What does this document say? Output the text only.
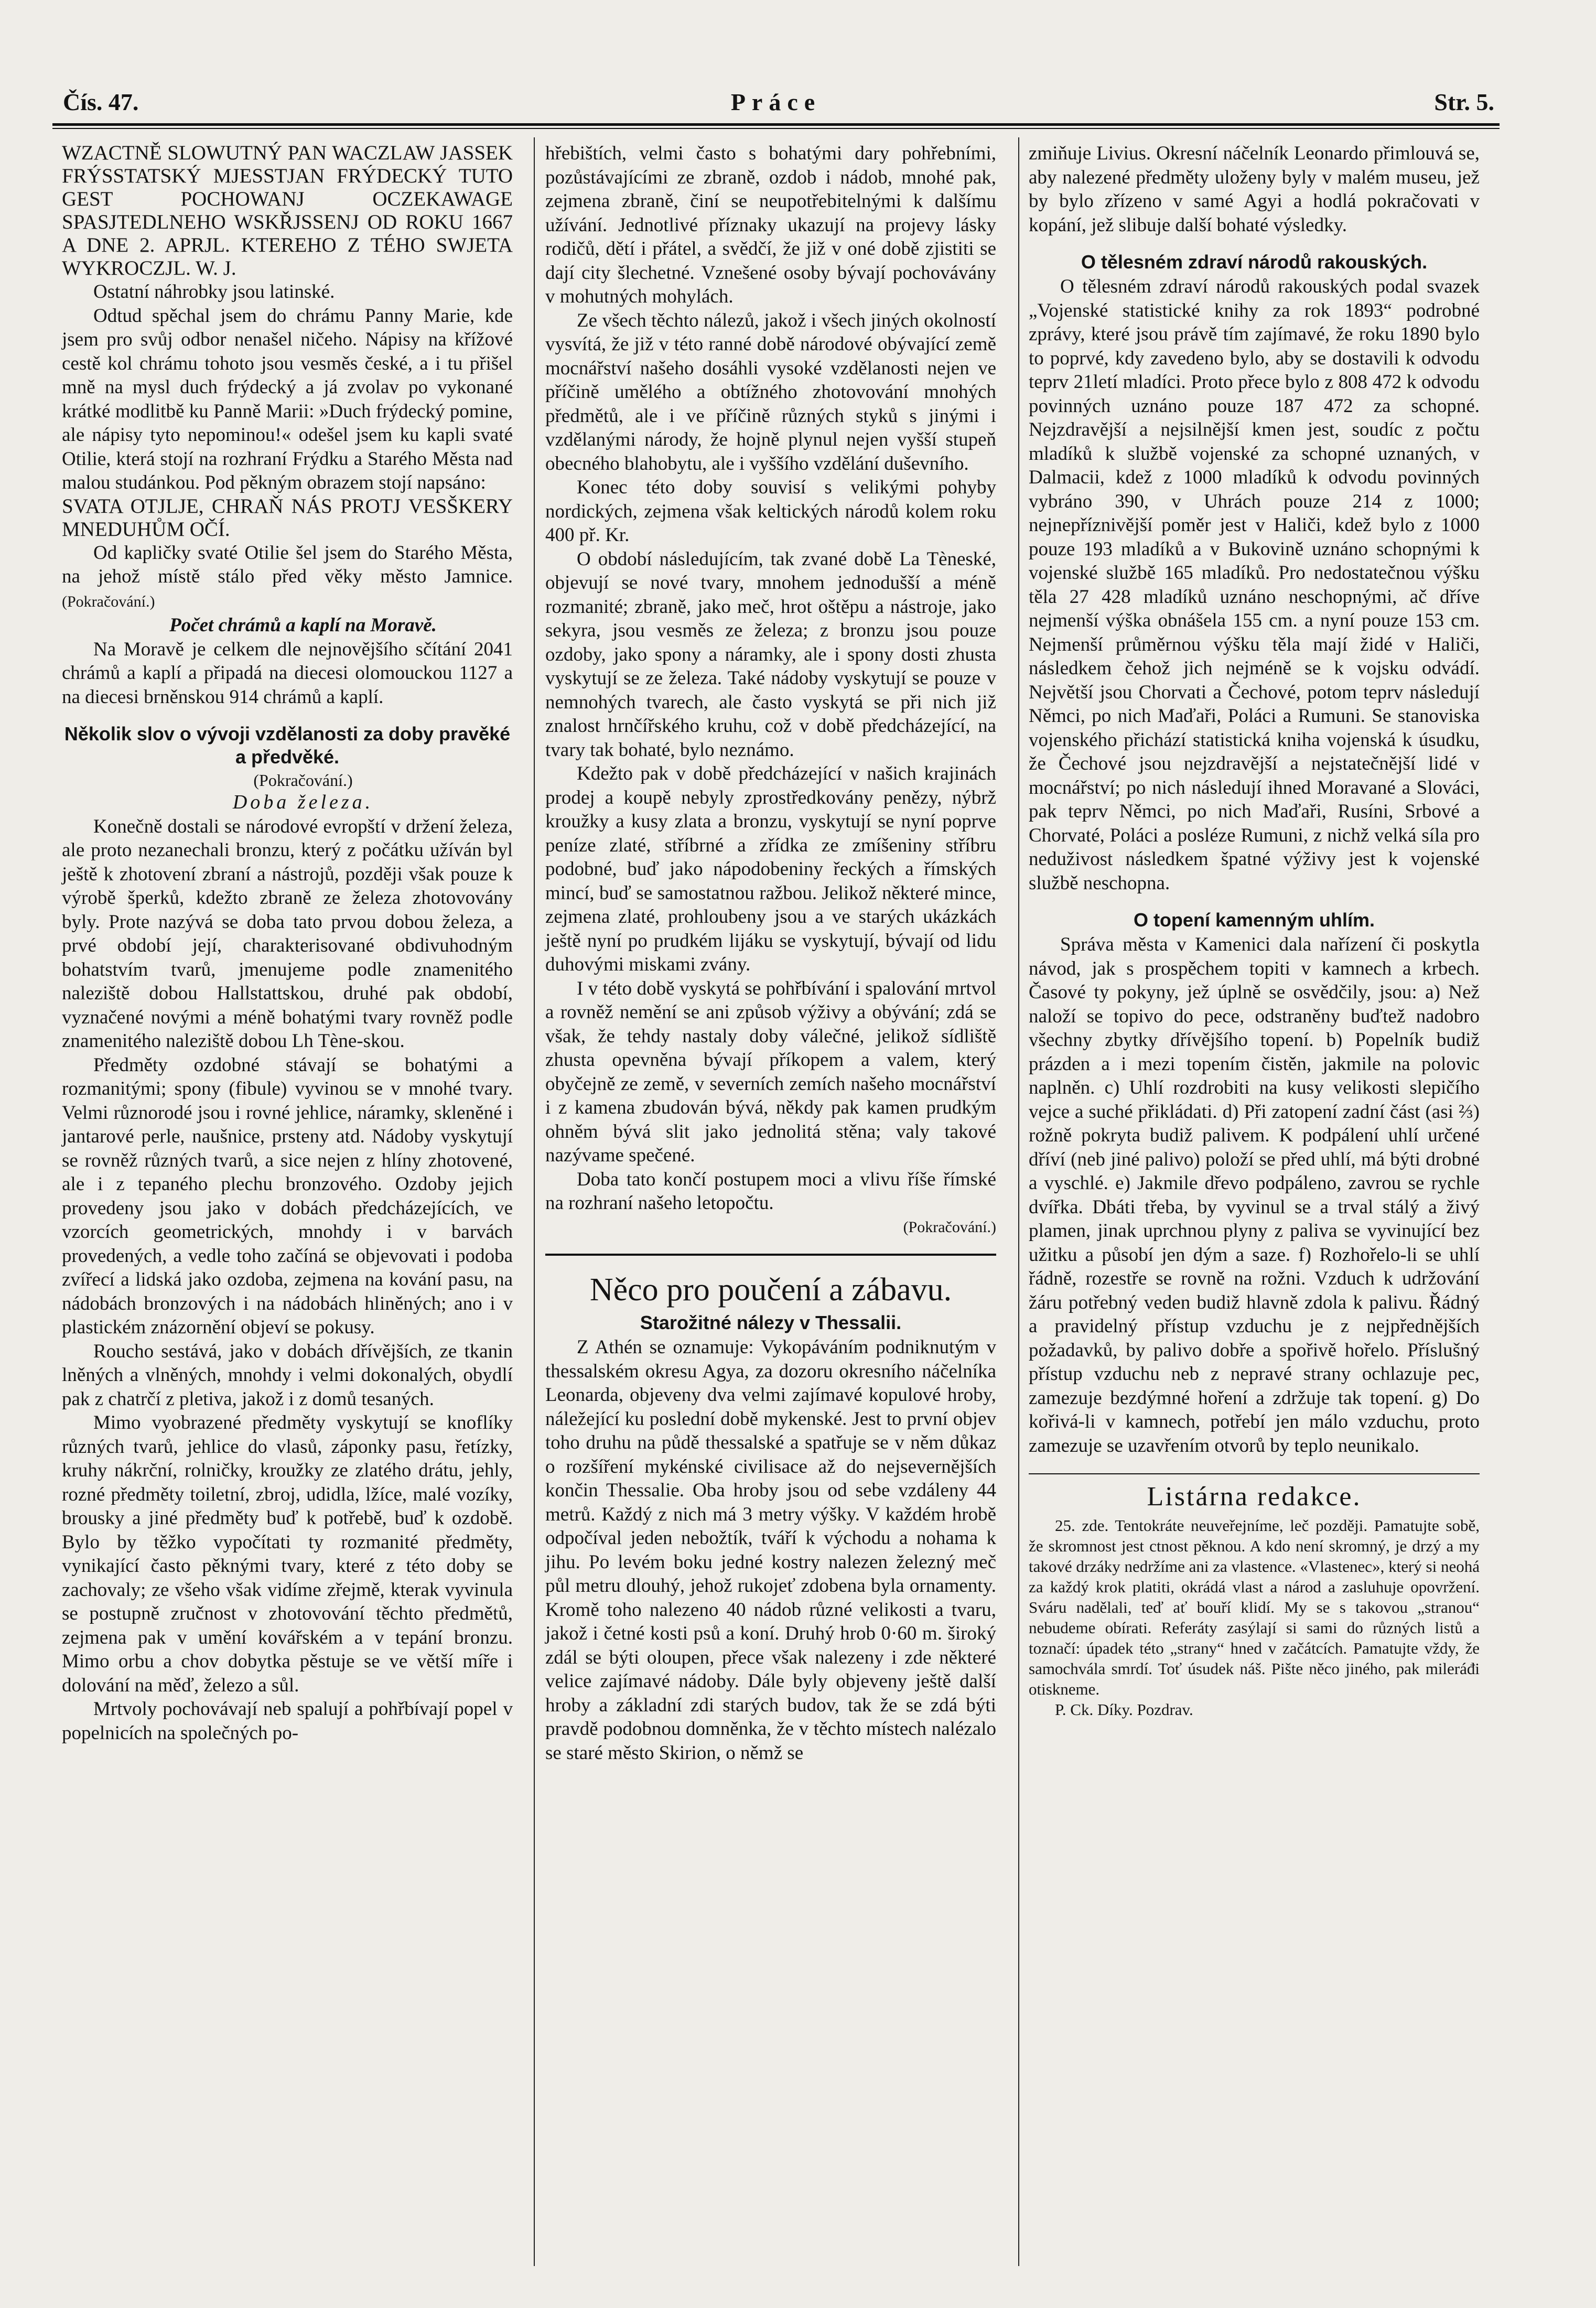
Čís. 47.	Práce	Str. 5.

WZACTNĚ SLOWUTNÝ PAN WACZLAW JASSEK FRÝSSTATSKÝ MJESSTJAN FRÝDECKÝ TUTO GEST POCHOWANJ OCZEKAWAGE SPASJTEDLNEHO WSKŘJSSENJ OD ROKU 1667 A DNE 2. APRJL. KTEREHO Z TÉHO SWJETA WYKROCZJL. W. J.

Ostatní náhrobky jsou latinské.

Odtud spěchal jsem do chrámu Panny Marie, kde jsem pro svůj odbor nenašel ničeho. Nápisy na křížové cestě kol chrámu tohoto jsou vesměs české, a i tu přišel mně na mysl duch frýdecký a já zvolav po vykonané krátké modlitbě ku Panně Marii: »Duch frýdecký pomine, ale nápisy tyto nepominou!« odešel jsem ku kapli svaté Otilie, která stojí na rozhraní Frýdku a Starého Města nad malou studánkou. Pod pěkným obrazem stojí napsáno:

SVATA OTJLJE, CHRAŇ NÁS PROTJ VESŠKERY MNEDUHŮM OČÍ.

Od kapličky svaté Otilie šel jsem do Starého Města, na jehož místě stálo před věky město Jamnice. (Pokračování.)

Počet chrámů a kaplí na Moravě.

Na Moravě je celkem dle nejnovějšího sčítání 2041 chrámů a kaplí a připadá na diecesi olomouckou 1127 a na diecesi brněnskou 914 chrámů a kaplí.

Několik slov o vývoji vzdělanosti za doby pravěké a předvěké.

(Pokračování.)

Doba železa.

Konečně dostali se národové evropští v držení železa, ale proto nezanechali bronzu, který z počátku užíván byl ještě k zhotovení zbraní a nástrojů, později však pouze k výrobě šperků, kdežto zbraně ze železa zhotovovány byly. Prote nazývá se doba tato prvou dobou železa, a prvé období její, charakterisované obdivuhodným bohatstvím tvarů, jmenujeme podle znamenitého naleziště dobou Hallstattskou, druhé pak období, vyznačené novými a méně bohatými tvary rovněž podle znamenitého naleziště dobou Lh Tène-skou.

Předměty ozdobné stávají se bohatými a rozmanitými; spony (fibule) vyvinou se v mnohé tvary. Velmi různorodé jsou i rovné jehlice, náramky, skleněné i jantarové perle, naušnice, prsteny atd. Nádoby vyskytují se rovněž různých tvarů, a sice nejen z hlíny zhotovené, ale i z tepaného plechu bronzového. Ozdoby jejich provedeny jsou jako v dobách předcházejících, ve vzorcích geometrických, mnohdy i v barvách provedených, a vedle toho začíná se objevovati i podoba zvířecí a lidská jako ozdoba, zejmena na kování pasu, na nádobách bronzových i na nádobách hliněných; ano i v plastickém znázornění objeví se pokusy.

Roucho sestává, jako v dobách dřívějších, ze tkanin lněných a vlněných, mnohdy i velmi dokonalých, obydlí pak z chatrčí z pletiva, jakož i z domů tesaných.

Mimo vyobrazené předměty vyskytují se knoflíky různých tvarů, jehlice do vlasů, záponky pasu, řetízky, kruhy nákrční, rolničky, kroužky ze zlatého drátu, jehly, rozné předměty toiletní, zbroj, udidla, lžíce, malé vozíky, brousky a jiné předměty buď k potřebě, buď k ozdobě. Bylo by těžko vypočítati ty rozmanité předměty, vynikající často pěknými tvary, které z této doby se zachovaly; ze všeho však vidíme zřejmě, kterak vyvinula se postupně zručnost v zhotovování těchto předmětů, zejmena pak v umění kovářském a v tepání bronzu. Mimo orbu a chov dobytka pěstuje se ve větší míře i dolování na měď, železo a sůl.

Mrtvoly pochovávají neb spalují a pohřbívají popel v popelnicích na společných po-

hřebištích, velmi často s bohatými dary pohřebními, pozůstávajícími ze zbraně, ozdob i nádob, mnohé pak, zejmena zbraně, činí se neupotřebitelnými k dalšímu užívání. Jednotlivé příznaky ukazují na projevy lásky rodičů, dětí i přátel, a svědčí, že již v oné době zjistiti se dají city šlechetné. Vznešené osoby bývají pochovávány v mohutných mohylách.

Ze všech těchto nálezů, jakož i všech jiných okolností vysvítá, že již v této ranné době národové obývající země mocnářství našeho dosáhli vysoké vzdělanosti nejen ve příčině umělého a obtížného zhotovování mnohých předmětů, ale i ve příčině různých styků s jinými i vzdělanými národy, že hojně plynul nejen vyšší stupeň obecného blahobytu, ale i vyššího vzdělání duševního.

Konec této doby souvisí s velikými pohyby nordických, zejmena však keltických národů kolem roku 400 př. Kr.

O období následujícím, tak zvané době La Tèneské, objevují se nové tvary, mnohem jednodušší a méně rozmanité; zbraně, jako meč, hrot oštěpu a nástroje, jako sekyra, jsou vesměs ze železa; z bronzu jsou pouze ozdoby, jako spony a náramky, ale i spony dosti zhusta vyskytují se ze železa. Také nádoby vyskytují se pouze v nemnohých tvarech, ale často vyskytá se při nich již znalost hrnčířského kruhu, což v době předcházející, na tvary tak bohaté, bylo neznámo.

Kdežto pak v době předcházející v našich krajinách prodej a koupě nebyly zprostředkovány penězy, nýbrž kroužky a kusy zlata a bronzu, vyskytují se nyní poprve peníze zlaté, stříbrné a zřídka ze zmíšeniny stříbru podobné, buď jako nápodobeniny řeckých a římských mincí, buď se samostatnou ražbou. Jelikož některé mince, zejmena zlaté, prohloubeny jsou a ve starých ukázkách ještě nyní po prudkém lijáku se vyskytují, bývají od lidu duhovými miskami zvány.

I v této době vyskytá se pohřbívání i spalování mrtvol a rovněž nemění se ani způsob výživy a obývání; zdá se však, že tehdy nastaly doby válečné, jelikož sídliště zhusta opevněna bývají příkopem a valem, který obyčejně ze země, v severních zemích našeho mocnářství i z kamena zbudován bývá, někdy pak kamen prudkým ohněm bývá slit jako jednolitá stěna; valy takové nazývame spečené.

Doba tato končí postupem moci a vlivu říše římské na rozhraní našeho letopočtu.

(Pokračování.)

Něco pro poučení a zábavu.
Starožitné nálezy v Thessalii.

Z Athén se oznamuje: Vykopáváním podniknutým v thessalském okresu Agya, za dozoru okresního náčelníka Leonarda, objeveny dva velmi zajímavé kopulové hroby, náležející ku poslední době mykenské. Jest to první objev toho druhu na půdě thessalské a spatřuje se v něm důkaz o rozšíření mykénské civilisace až do nejsevernějších končin Thessalie. Oba hroby jsou od sebe vzdáleny 44 metrů. Každý z nich má 3 metry výšky. V každém hrobě odpočíval jeden nebožtík, tváří k východu a nohama k jihu. Po levém boku jedné kostry nalezen železný meč půl metru dlouhý, jehož rukojeť zdobena byla ornamenty. Kromě toho nalezeno 40 nádob různé velikosti a tvaru, jakož i četné kosti psů a koní. Druhý hrob 0·60 m. široký zdál se býti oloupen, přece však nalezeny i zde některé velice zajímavé nádoby. Dále byly objeveny ještě další hroby a základní zdi starých budov, tak že se zdá býti pravdě podobnou domněnka, že v těchto místech nalézalo se staré město Skirion, o němž se

zmiňuje Livius. Okresní náčelník Leonardo přimlouvá se, aby nalezené předměty uloženy byly v malém museu, jež by bylo zřízeno v samé Agyi a hodlá pokračovati v kopání, jež slibuje další bohaté výsledky.

O tělesném zdraví národů rakouských.

O tělesném zdraví národů rakouských podal svazek „Vojenské statistické knihy za rok 1893“ podrobné zprávy, které jsou právě tím zajímavé, že roku 1890 bylo to poprvé, kdy zavedeno bylo, aby se dostavili k odvodu teprv 21letí mladíci. Proto přece bylo z 808 472 k odvodu povinných uznáno pouze 187 472 za schopné. Nejzdravější a nejsilnější kmen jest, soudíc z počtu mladíků k službě vojenské za schopné uznaných, v Dalmacii, kdež z 1000 mladíků k odvodu povinných vybráno 390, v Uhrách pouze 214 z 1000; nejnepříznivější poměr jest v Haliči, kdež bylo z 1000 pouze 193 mladíků a v Bukovině uznáno schopnými k vojenské službě 165 mladíků. Pro nedostatečnou výšku těla 27 428 mladíků uznáno neschopnými, ač dříve nejmenší výška obnášela 155 cm. a nyní pouze 153 cm. Nejmenší průměrnou výšku těla mají židé v Haliči, následkem čehož jich nejméně se k vojsku odvádí. Největší jsou Chorvati a Čechové, potom teprv následují Němci, po nich Maďaři, Poláci a Rumuni. Se stanoviska vojenského přichází statistická kniha vojenská k úsudku, že Čechové jsou nejzdravější a nejstatečnější lidé v mocnářství; po nich následují ihned Moravané a Slováci, pak teprv Němci, po nich Maďaři, Rusíni, Srbové a Chorvaté, Poláci a posléze Rumuni, z nichž velká síla pro neduživost následkem špatné výživy jest k vojenské službě neschopna.

O topení kamenným uhlím.

Správa města v Kamenici dala nařízení či poskytla návod, jak s prospěchem topiti v kamnech a krbech. Časové ty pokyny, jež úplně se osvědčily, jsou: a) Než naloží se topivo do pece, odstraněny buďtež nadobro všechny zbytky dřívějšího topení. b) Popelník budiž prázden a i mezi topením čistěn, jakmile na polovic naplněn. c) Uhlí rozdrobiti na kusy velikosti slepičího vejce a suché přikládati. d) Při zatopení zadní část (asi ⅔) rožně pokryta budiž palivem. K podpálení uhlí určené dříví (neb jiné palivo) položí se před uhlí, má býti drobné a vyschlé. e) Jakmile dřevo podpáleno, zavrou se rychle dvířka. Dbáti třeba, by vyvinul se a trval stálý a živý plamen, jinak uprchnou plyny z paliva se vyvinující bez užitku a působí jen dým a saze. f) Rozhořelo-li se uhlí řádně, rozestře se rovně na rožni. Vzduch k udržování žáru potřebný veden budiž hlavně zdola k palivu. Řádný a pravidelný přístup vzduchu je z nejpřednějších požadavků, by palivo dobře a spořivě hořelo. Příslušný přístup vzduchu neb z nepravé strany ochlazuje pec, zamezuje bezdýmné hoření a zdržuje tak topení. g) Do kořivá-li v kamnech, potřebí jen málo vzduchu, proto zamezuje se uzavřením otvorů by teplo neunikalo.

Listárna redakce.

25. zde. Tentokráte neuveřejníme, leč později. Pamatujte sobě, že skromnost jest ctnost pěknou. A kdo není skromný, je drzý a my takové drzáky nedržíme ani za vlastence. «Vlastenec», který si neohá za každý krok platiti, okrádá vlast a národ a zasluhuje opovržení. Sváru nadělali, teď ať bouří klidí. My se s takovou „stranou“ nebudeme obírati. Referáty zasýlají si sami do různých listů a toznačí: úpadek této „strany“ hned v začátcích. Pamatujte vždy, že samochvála smrdí. Toť úsudek náš. Pište něco jiného, pak mileráđi otiskneme.

P. Ck. Díky. Pozdrav.
